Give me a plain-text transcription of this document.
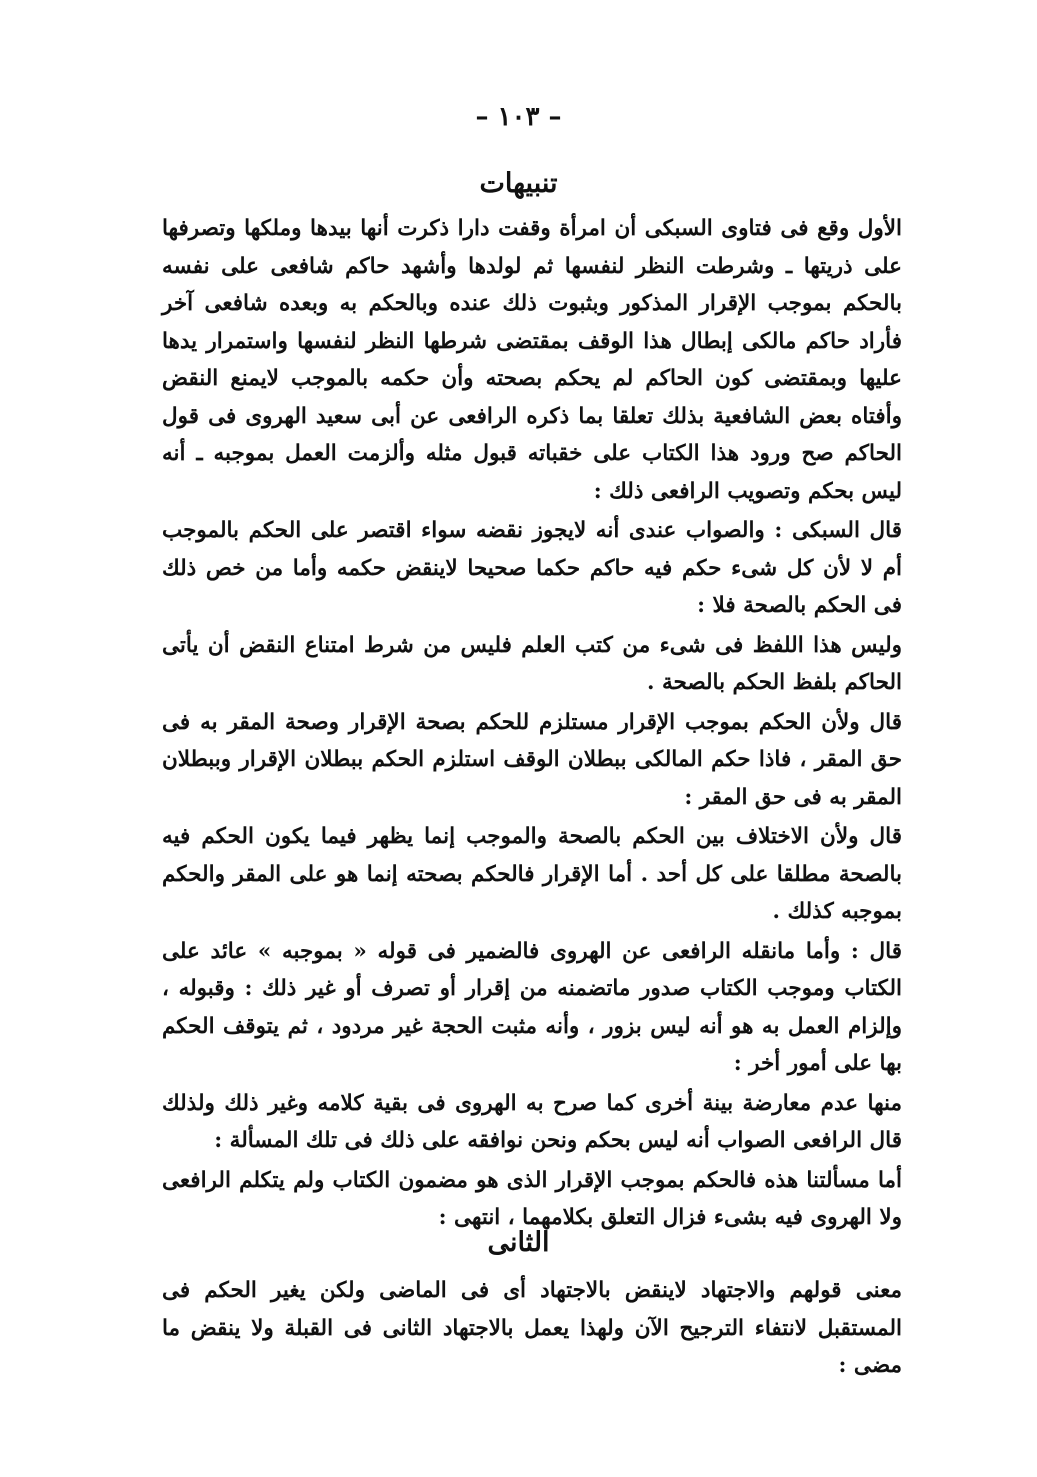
– ١٠٣ –
تنبيهات

الأول وقع فى فتاوى السبكى أن امرأة وقفت دارا ذكرت أنها بيدها وملكها وتصرفها على ذريتها ـ وشرطت النظر لنفسها ثم لولدها وأشهد حاكم شافعى على نفسه بالحكم بموجب الإقرار المذكور وبثبوت ذلك عنده وبالحكم به وبعده شافعى آخر فأراد حاكم مالكى إبطال هذا الوقف بمقتضى شرطها النظر لنفسها واستمرار يدها عليها وبمقتضى كون الحاكم لم يحكم بصحته وأن حكمه بالموجب لايمنع النقض وأفتاه بعض الشافعية بذلك تعلقا بما ذكره الرافعى عن أبى سعيد الهروى فى قول الحاكم صح ورود هذا الكتاب على خقباته قبول مثله وألزمت العمل بموجبه ـ أنه ليس بحكم وتصويب الرافعى ذلك :

قال السبكى : والصواب عندى أنه لايجوز نقضه سواء اقتصر على الحكم بالموجب أم لا لأن كل شىء حكم فيه حاكم حكما صحيحا لاينقض حكمه وأما من خص ذلك فى الحكم بالصحة فلا :

وليس هذا اللفظ فى شىء من كتب العلم فليس من شرط امتناع النقض أن يأتى الحاكم بلفظ الحكم بالصحة .

قال ولأن الحكم بموجب الإقرار مستلزم للحكم بصحة الإقرار وصحة المقر به فى حق المقر ، فاذا حكم المالكى ببطلان الوقف استلزم الحكم ببطلان الإقرار وببطلان المقر به فى حق المقر :

قال ولأن الاختلاف بين الحكم بالصحة والموجب إنما يظهر فيما يكون الحكم فيه بالصحة مطلقا على كل أحد . أما الإقرار فالحكم بصحته إنما هو على المقر والحكم بموجبه كذلك .

قال : وأما مانقله الرافعى عن الهروى فالضمير فى قوله « بموجبه » عائد على الكتاب وموجب الكتاب صدور ماتضمنه من إقرار أو تصرف أو غير ذلك : وقبوله ، وإلزام العمل به هو أنه ليس بزور ، وأنه مثبت الحجة غير مردود ، ثم يتوقف الحكم بها على أمور أخر :

منها عدم معارضة بينة أخرى كما صرح به الهروى فى بقية كلامه وغير ذلك ولذلك قال الرافعى الصواب أنه ليس بحكم ونحن نوافقه على ذلك فى تلك المسألة :

أما مسألتنا هذه فالحكم بموجب الإقرار الذى هو مضمون الكتاب ولم يتكلم الرافعى ولا الهروى فيه بشىء فزال التعلق بكلامهما ، انتهى :

الثانى

معنى قولهم والاجتهاد لاينقض بالاجتهاد أى فى الماضى ولكن يغير الحكم فى المستقبل لانتفاء الترجيح الآن ولهذا يعمل بالاجتهاد الثانى فى القبلة ولا ينقض ما مضى :
